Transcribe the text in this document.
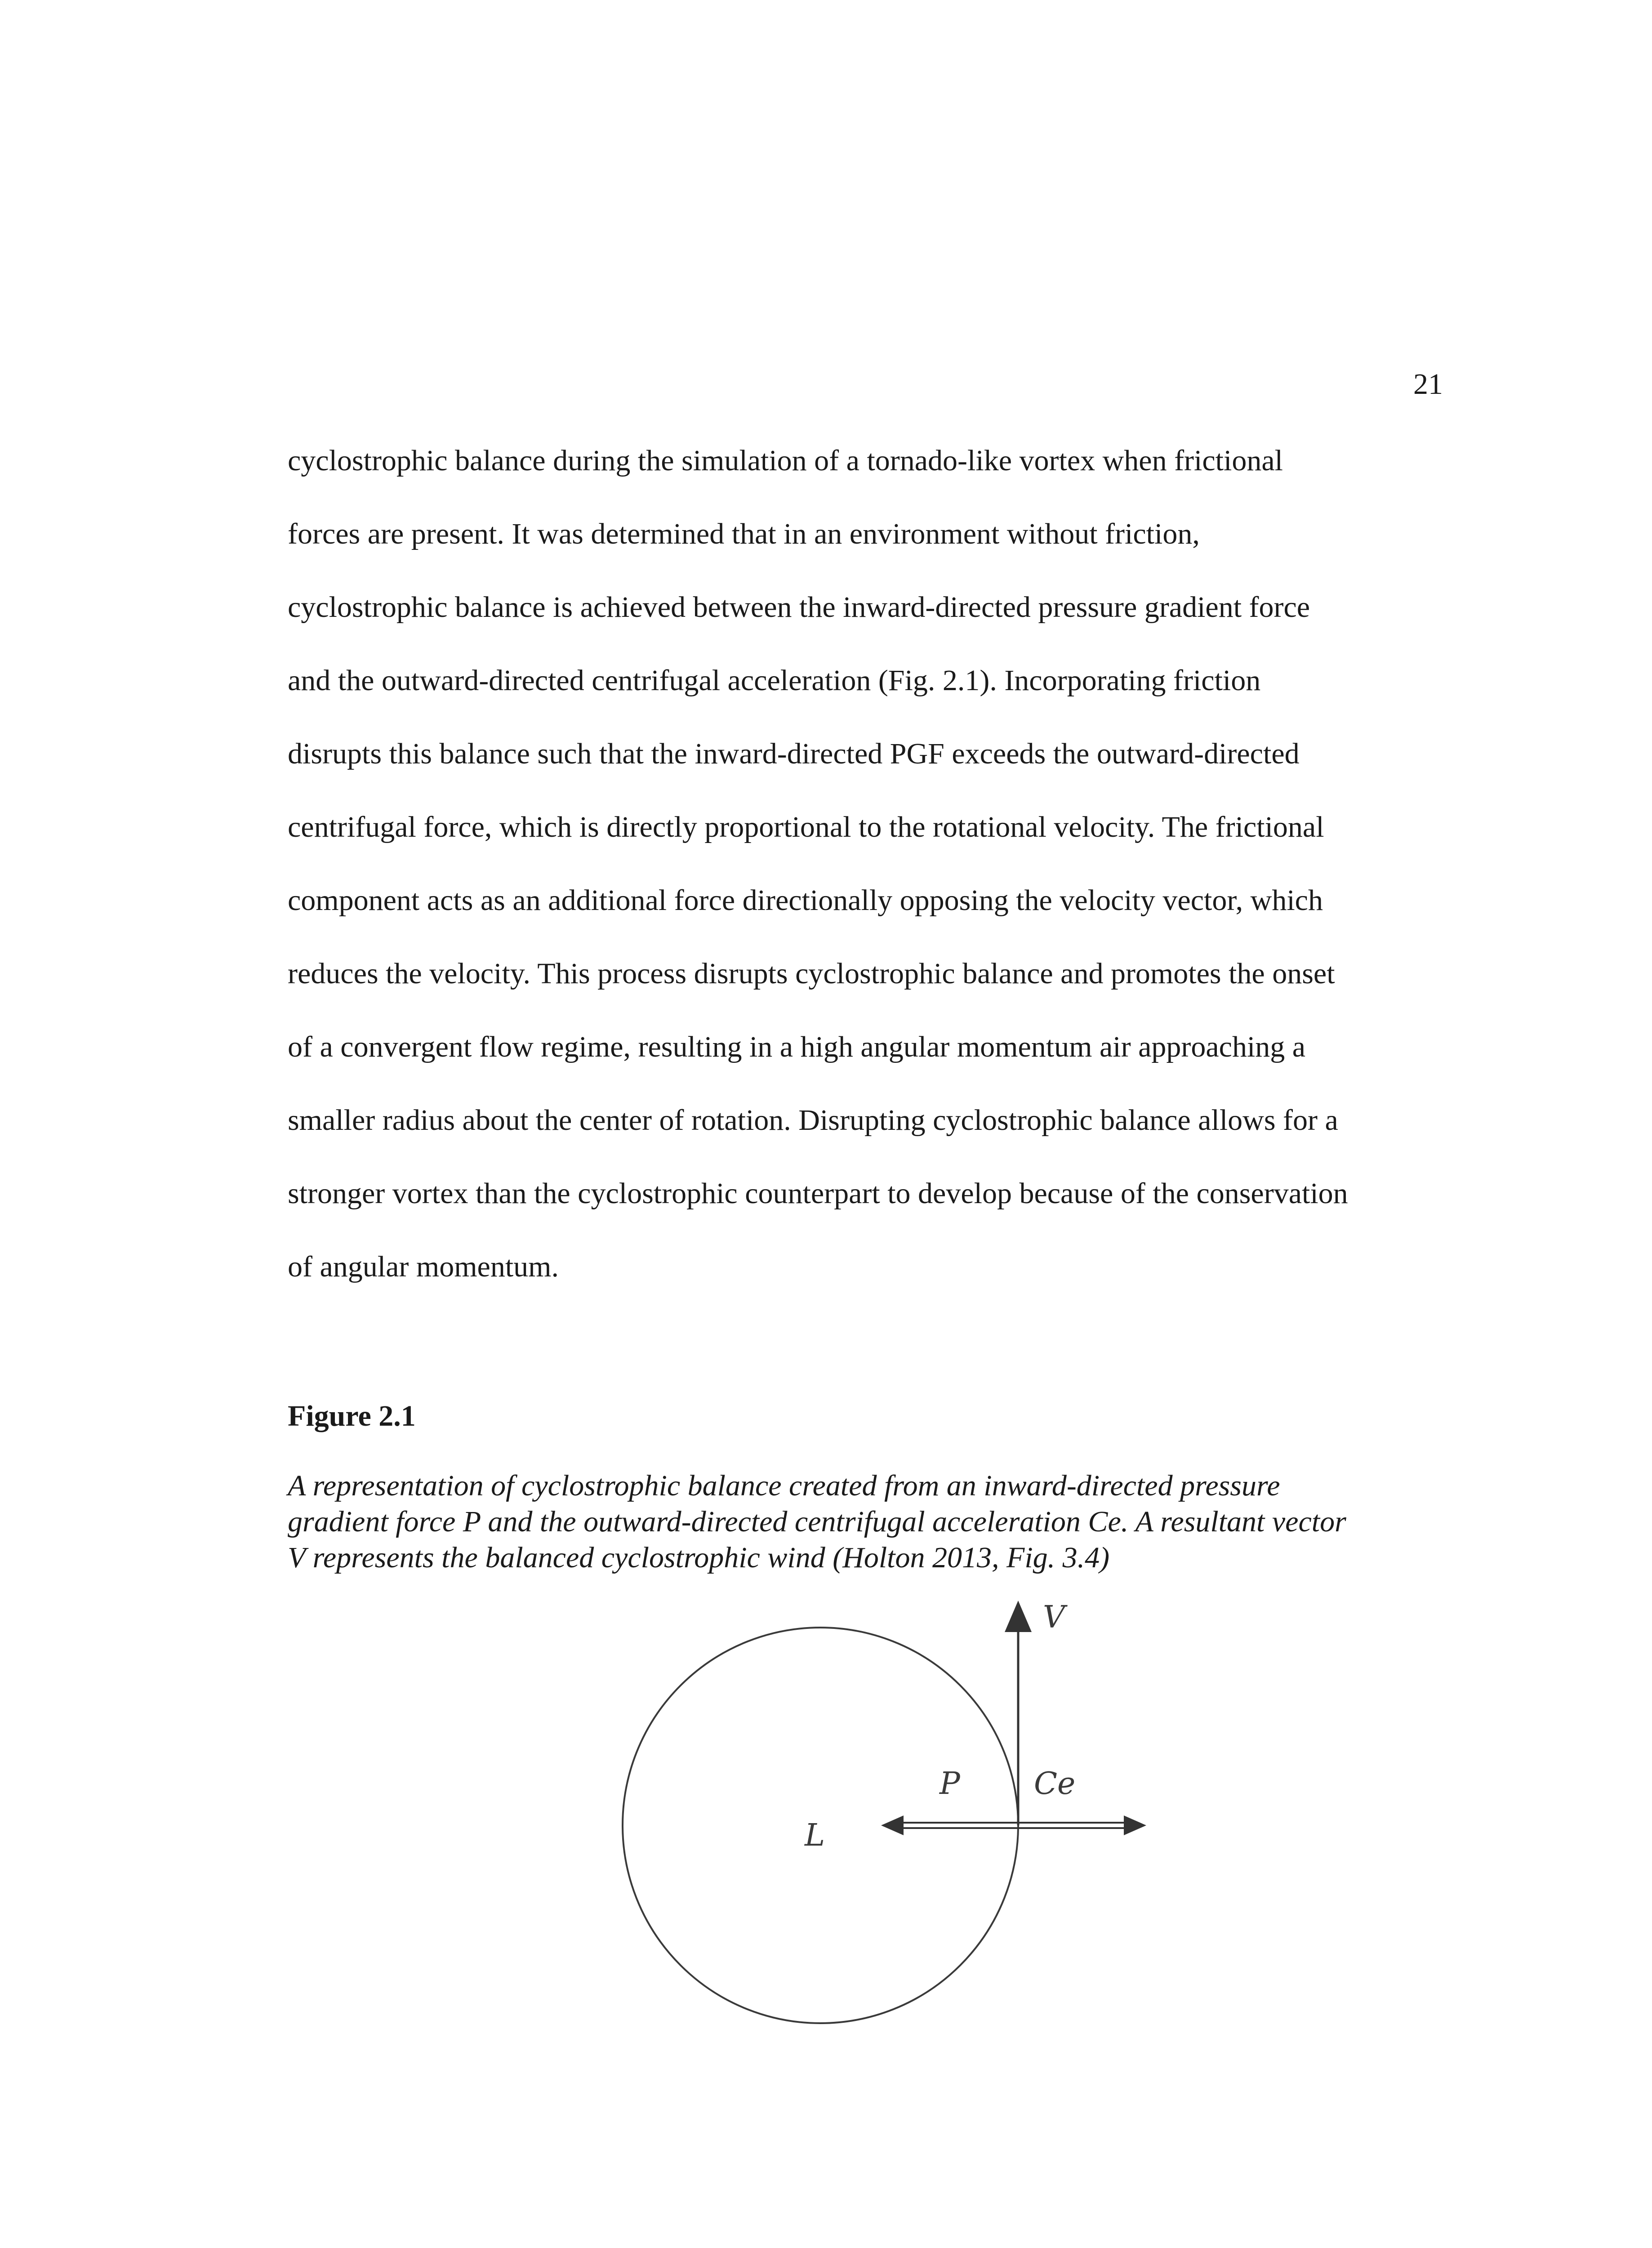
21
cyclostrophic balance during the simulation of a tornado-like vortex when frictional
forces are present. It was determined that in an environment without friction,
cyclostrophic balance is achieved between the inward-directed pressure gradient force
and the outward-directed centrifugal acceleration (Fig. 2.1). Incorporating friction
disrupts this balance such that the inward-directed PGF exceeds the outward-directed
centrifugal force, which is directly proportional to the rotational velocity. The frictional
component acts as an additional force directionally opposing the velocity vector, which
reduces the velocity. This process disrupts cyclostrophic balance and promotes the onset
of a convergent flow regime, resulting in a high angular momentum air approaching a
smaller radius about the center of rotation. Disrupting cyclostrophic balance allows for a
stronger vortex than the cyclostrophic counterpart to develop because of the conservation
of angular momentum.
Figure 2.1
A representation of cyclostrophic balance created from an inward-directed pressure
gradient force P and the outward-directed centrifugal acceleration Ce. A resultant vector
V represents the balanced cyclostrophic wind (Holton 2013, Fig. 3.4)
L
P Ce
V
